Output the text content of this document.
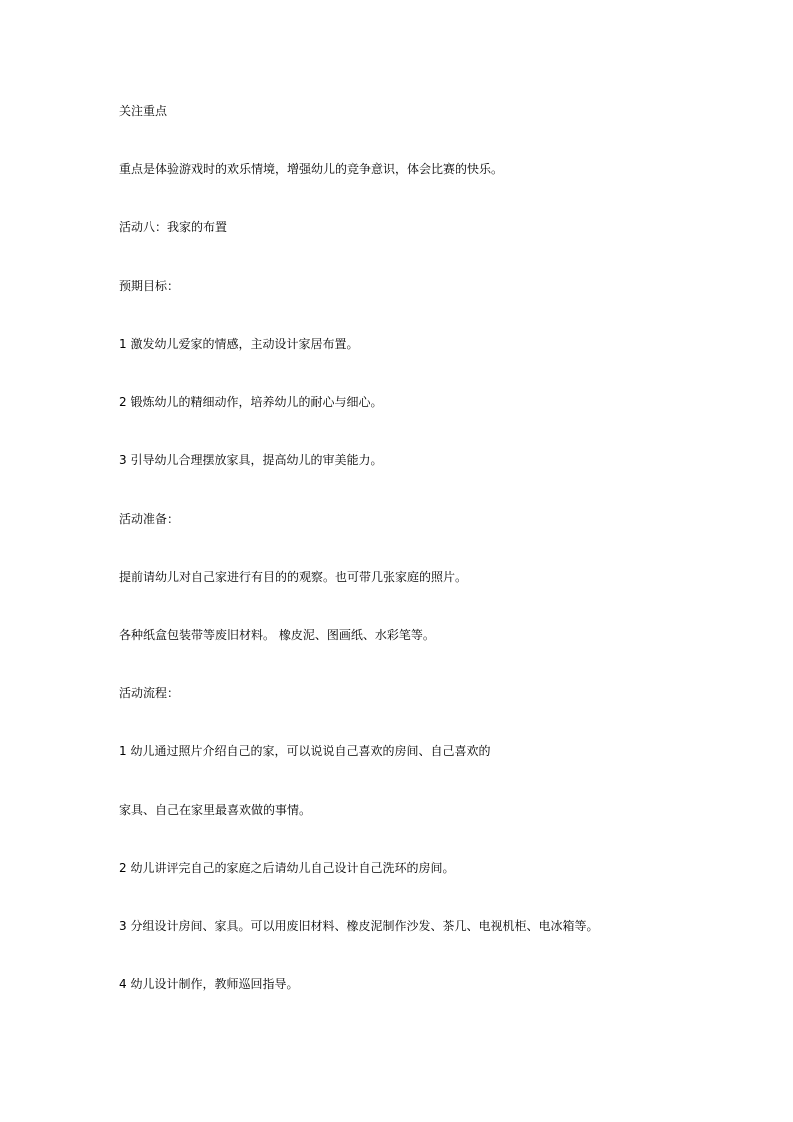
关注重点
重点是体验游戏时的欢乐情境，增强幼儿的竞争意识，体会比赛的快乐。
活动八：我家的布置
预期目标：
1 激发幼儿爱家的情感，主动设计家居布置。
2 锻炼幼儿的精细动作，培养幼儿的耐心与细心。
3 引导幼儿合理摆放家具，提高幼儿的审美能力。
活动准备：
提前请幼儿对自己家进行有目的的观察。也可带几张家庭的照片。
各种纸盒包装带等废旧材料。 橡皮泥、图画纸、水彩笔等。
活动流程：
1 幼儿通过照片介绍自己的家，可以说说自己喜欢的房间、自己喜欢的
家具、自己在家里最喜欢做的事情。
2 幼儿讲评完自己的家庭之后请幼儿自己设计自己洗环的房间。
3 分组设计房间、家具。可以用废旧材料、橡皮泥制作沙发、茶几、电视机柜、电冰箱等。
4 幼儿设计制作，教师巡回指导。
